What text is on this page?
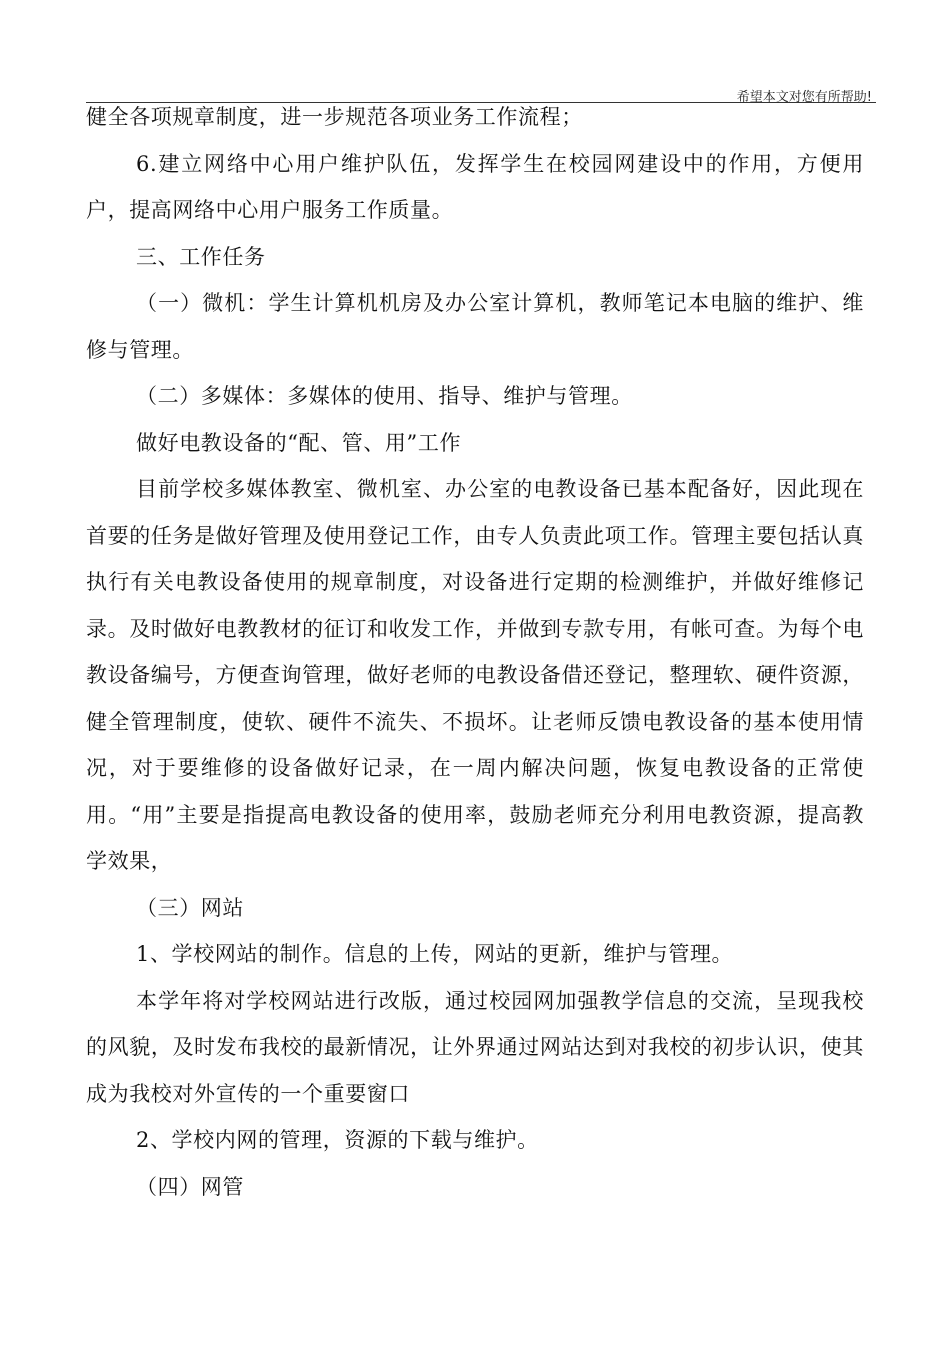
希望本文对您有所帮助!

健全各项规章制度，进一步规范各项业务工作流程；

6.建立网络中心用户维护队伍，发挥学生在校园网建设中的作用，方便用户，提高网络中心用户服务工作质量。

三、工作任务

（一）微机：学生计算机机房及办公室计算机，教师笔记本电脑的维护、维修与管理。

（二）多媒体：多媒体的使用、指导、维护与管理。

做好电教设备的“配、管、用”工作

目前学校多媒体教室、微机室、办公室的电教设备已基本配备好，因此现在首要的任务是做好管理及使用登记工作，由专人负责此项工作。管理主要包括认真执行有关电教设备使用的规章制度，对设备进行定期的检测维护，并做好维修记录。及时做好电教教材的征订和收发工作，并做到专款专用，有帐可查。为每个电教设备编号，方便查询管理，做好老师的电教设备借还登记，整理软、硬件资源，健全管理制度，使软、硬件不流失、不损坏。让老师反馈电教设备的基本使用情况，对于要维修的设备做好记录，在一周内解决问题，恢复电教设备的正常使用。“用”主要是指提高电教设备的使用率，鼓励老师充分利用电教资源，提高教学效果，

（三）网站

1、学校网站的制作。信息的上传，网站的更新，维护与管理。

本学年将对学校网站进行改版，通过校园网加强教学信息的交流，呈现我校的风貌，及时发布我校的最新情况，让外界通过网站达到对我校的初步认识，使其成为我校对外宣传的一个重要窗口

2、学校内网的管理，资源的下载与维护。

（四）网管
